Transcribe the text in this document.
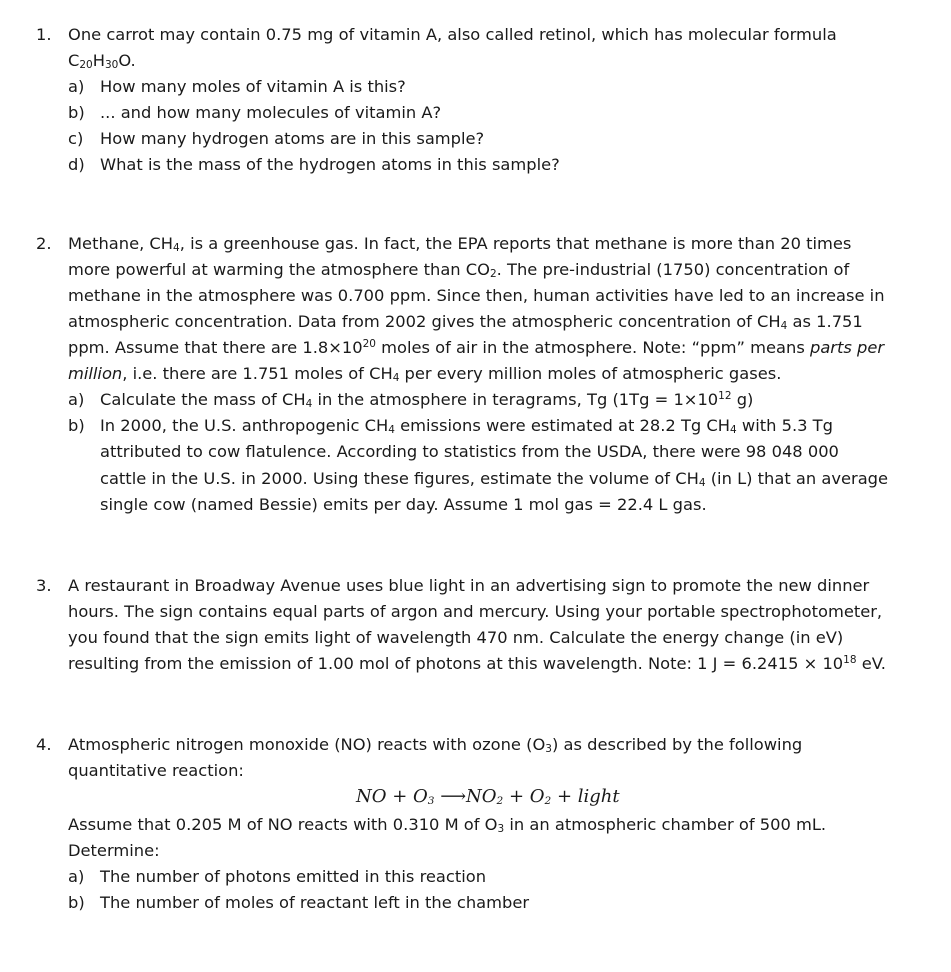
1.	One carrot may contain 0.75 mg of vitamin A, also called retinol, which has molecular formula
$C_{20}H_{30}O$.
a) How many moles of vitamin A is this?
b) ... and how many molecules of vitamin A?
c) How many hydrogen atoms are in this sample?
d) What is the mass of the hydrogen atoms in this sample?
2.	Methane, $CH_4$, is a greenhouse gas. In fact, the EPA reports that methane is more than 20 times
more powerful at warming the atmosphere than $CO_2$. The pre-industrial (1750) concentration of
methane in the atmosphere was 0.700 ppm. Since then, human activities have led to an increase in
atmospheric concentration. Data from 2002 gives the atmospheric concentration of $CH_4$ as 1.751
ppm. Assume that there are $1.8\times 10^{20}$ moles of air in the atmosphere. Note: “ppm” means parts per
million, i.e. there are 1.751 moles of $CH_4$ per every million moles of atmospheric gases.
a) Calculate the mass of $CH_4$ in the atmosphere in teragrams, Tg ($1Tg = 1\times 10^{12}$ g)
b) In 2000, the U.S. anthropogenic $CH_4$ emissions were estimated at 28.2 Tg $CH_4$ with 5.3 Tg
attributed to cow flatulence. According to statistics from the USDA, there were 98 048 000
cattle in the U.S. in 2000. Using these figures, estimate the volume of $CH_4$ (in L) that an average
single cow (named Bessie) emits per day. Assume 1 mol gas = 22.4 L gas.
3.	A restaurant in Broadway Avenue uses blue light in an advertising sign to promote the new dinner
hours. The sign contains equal parts of argon and mercury. Using your portable spectrophotometer,
you found that the sign emits light of wavelength 470 nm. Calculate the energy change (in eV)
resulting from the emission of 1.00 mol of photons at this wavelength. Note: 1 $J = 6.2415 \times 10^{18}$ eV.
4.	Atmospheric nitrogen monoxide (NO) reacts with ozone $(O_3)$ as described by the following
quantitative reaction:
NO + $O_3$ $⟶NO_2 + O_2$ + light
Assume that 0.205 M of NO reacts with 0.310 M of $O_3$ in an atmospheric chamber of 500 mL.
Determine:
a) The number of photons emitted in this reaction
b) The number of moles of reactant left in the chamber
